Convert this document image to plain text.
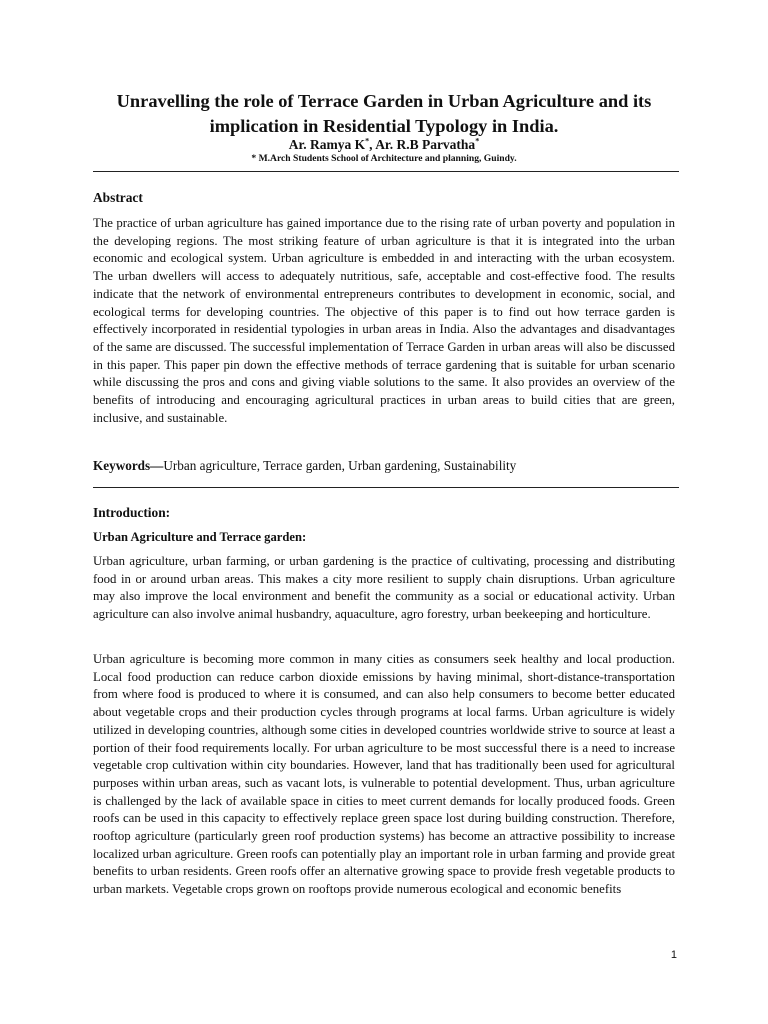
Unravelling the role of Terrace Garden in Urban Agriculture and its implication in Residential Typology in India.
Ar. Ramya K*, Ar. R.B Parvatha*
* M.Arch Students School of Architecture and planning, Guindy.
Abstract

The practice of urban agriculture has gained importance due to the rising rate of urban poverty and population in the developing regions. The most striking feature of urban agriculture is that it is integrated into the urban economic and ecological system. Urban agriculture is embedded in and interacting with the urban ecosystem. The urban dwellers will access to adequately nutritious, safe, acceptable and cost-effective food. The results indicate that the network of environmental entrepreneurs contributes to development in economic, social, and ecological terms for developing countries. The objective of this paper is to find out how terrace garden is effectively incorporated in residential typologies in urban areas in India. Also the advantages and disadvantages of the same are discussed. The successful implementation of Terrace Garden in urban areas will also be discussed in this paper. This paper pin down the effective methods of terrace gardening that is suitable for urban scenario while discussing the pros and cons and giving viable solutions to the same. It also provides an overview of the benefits of introducing and encouraging agricultural practices in urban areas to build cities that are green, inclusive, and sustainable.

Keywords—Urban agriculture, Terrace garden, Urban gardening, Sustainability

Introduction:
Urban Agriculture and Terrace garden:

Urban agriculture, urban farming, or urban gardening is the practice of cultivating, processing and distributing food in or around urban areas. This makes a city more resilient to supply chain disruptions. Urban agriculture may also improve the local environment and benefit the community as a social or educational activity. Urban agriculture can also involve animal husbandry, aquaculture, agro forestry, urban beekeeping and horticulture.

Urban agriculture is becoming more common in many cities as consumers seek healthy and local production. Local food production can reduce carbon dioxide emissions by having minimal, short-distance-transportation from where food is produced to where it is consumed, and can also help consumers to become better educated about vegetable crops and their production cycles through programs at local farms. Urban agriculture is widely utilized in developing countries, although some cities in developed countries worldwide strive to source at least a portion of their food requirements locally. For urban agriculture to be most successful there is a need to increase vegetable crop cultivation within city boundaries. However, land that has traditionally been used for agricultural purposes within urban areas, such as vacant lots, is vulnerable to potential development. Thus, urban agriculture is challenged by the lack of available space in cities to meet current demands for locally produced foods. Green roofs can be used in this capacity to effectively replace green space lost during building construction. Therefore, rooftop agriculture (particularly green roof production systems) has become an attractive possibility to increase localized urban agriculture. Green roofs can potentially play an important role in urban farming and provide great benefits to urban residents. Green roofs offer an alternative growing space to provide fresh vegetable products to urban markets. Vegetable crops grown on rooftops provide numerous ecological and economic benefits

1
